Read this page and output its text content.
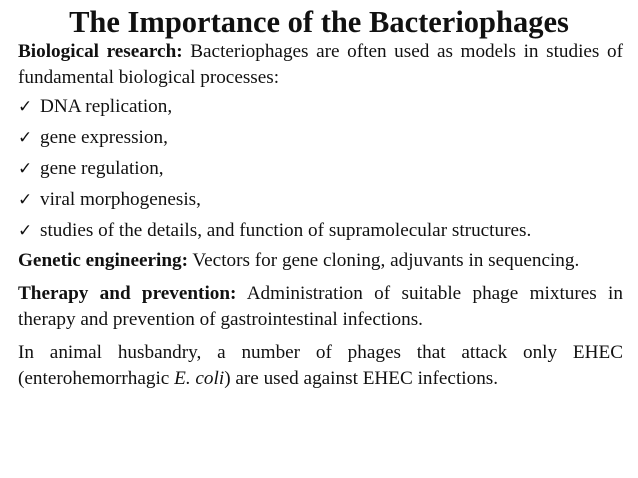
The Importance of the Bacteriophages

Biological research: Bacteriophages are often used as models in studies of fundamental biological processes:

✓ DNA replication,
✓ gene expression,
✓ gene regulation,
✓ viral morphogenesis,
✓ studies of the details, and function of supramolecular structures.

Genetic engineering: Vectors for gene cloning, adjuvants in sequencing.

Therapy and prevention: Administration of suitable phage mixtures in therapy and prevention of gastrointestinal infections.

In animal husbandry, a number of phages that attack only EHEC (enterohemorrhagic E. coli) are used against EHEC infections.
